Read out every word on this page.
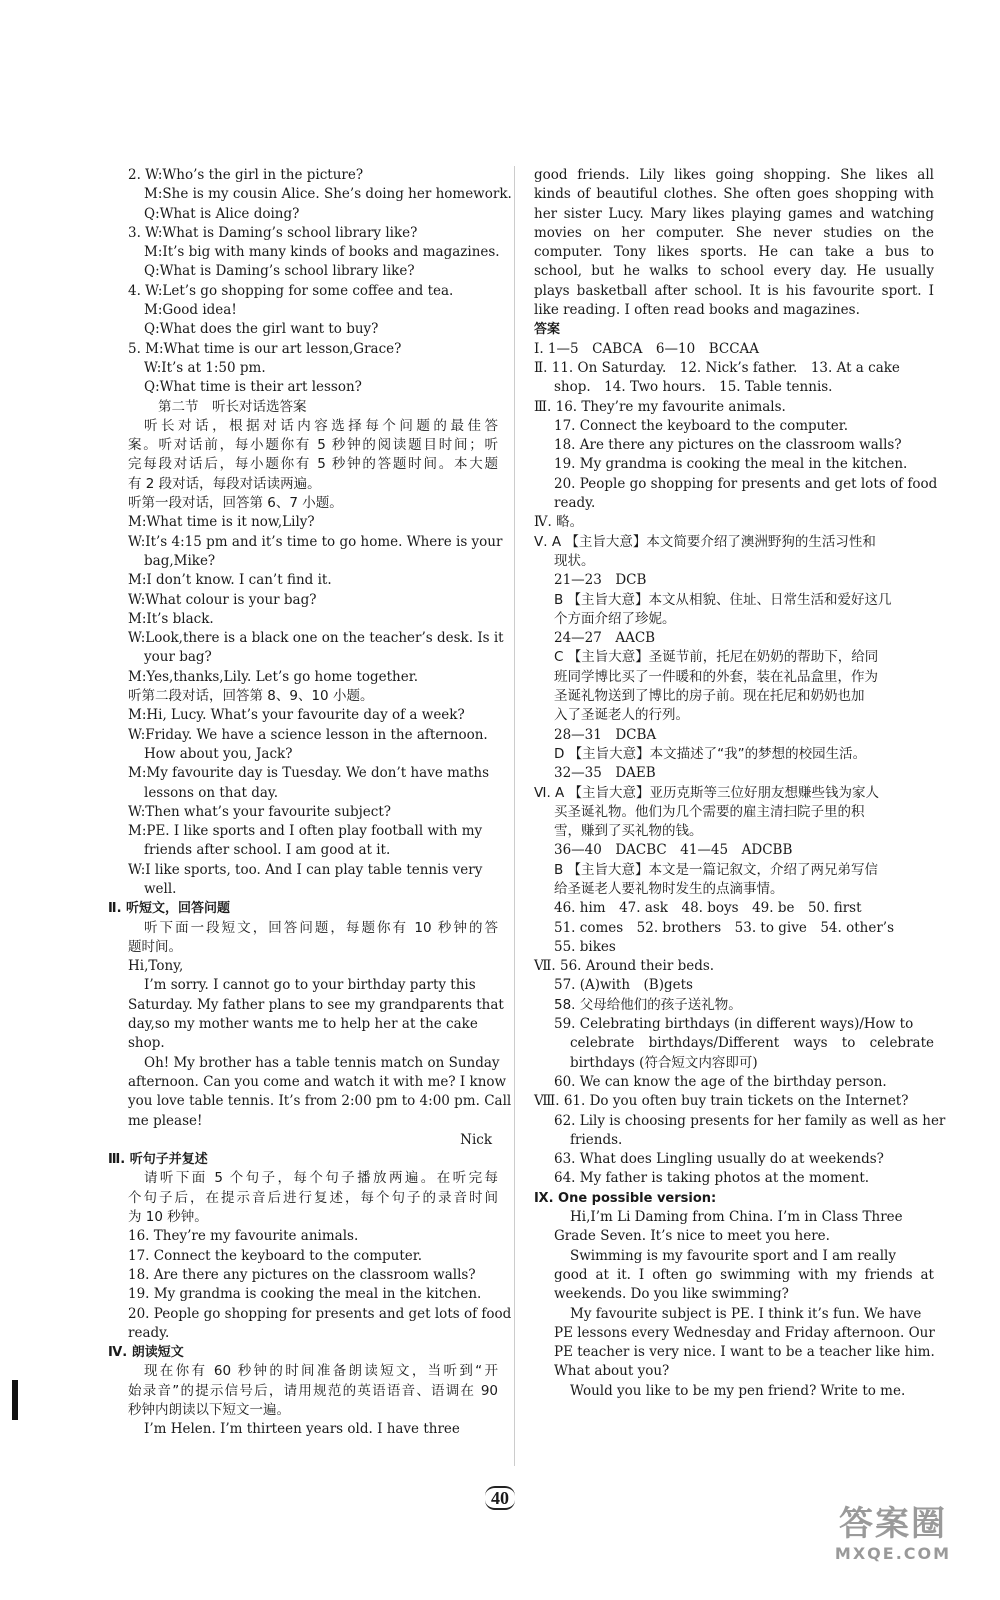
2. W:Who’s the girl in the picture?
M:She is my cousin Alice. She’s doing her homework.
Q:What is Alice doing?
3. W:What is Daming’s school library like?
M:It’s big with many kinds of books and magazines.
Q:What is Daming’s school library like?
4. W:Let’s go shopping for some coffee and tea.
M:Good idea!
Q:What does the girl want to buy?
5. M:What time is our art lesson,Grace?
W:It’s at 1:50 pm.
Q:What time is their art lesson?
第二节　听长对话选答案
听长对话，根据对话内容选择每个问题的最佳答
案。听对话前，每小题你有 5 秒钟的阅读题目时间；听
完每段对话后，每小题你有 5 秒钟的答题时间。本大题
有 2 段对话，每段对话读两遍。
听第一段对话，回答第 6、7 小题。
M:What time is it now,Lily?
W:It’s 4:15 pm and it’s time to go home. Where is your
bag,Mike?
M:I don’t know. I can’t find it.
W:What colour is your bag?
M:It’s black.
W:Look,there is a black one on the teacher’s desk. Is it
your bag?
M:Yes,thanks,Lily. Let’s go home together.
听第二段对话，回答第 8、9、10 小题。
M:Hi, Lucy. What’s your favourite day of a week?
W:Friday. We have a science lesson in the afternoon.
How about you, Jack?
M:My favourite day is Tuesday. We don’t have maths
lessons on that day.
W:Then what’s your favourite subject?
M:PE. I like sports and I often play football with my
friends after school. I am good at it.
W:I like sports, too. And I can play tablе tennis very
well.
Ⅱ. 听短文，回答问题
听下面一段短文，回答问题，每题你有 10 秒钟的答
题时间。
Hi,Tony,
I’m sorry. I cannot go to your birthday party this
Saturday. My father plans to see my grandparents that
day,so my mother wants me to help her at the cake
shop.
Oh! My brother has a table tennis match on Sunday
afternoon. Can you come and watch it with me? I know
you love table tennis. It’s from 2:00 pm to 4:00 pm. Call
me please!
Nick
Ⅲ. 听句子并复述
请听下面 5 个句子，每个句子播放两遍。在听完每
个句子后，在提示音后进行复述，每个句子的录音时间
为 10 秒钟。
16. They’re my favourite animals.
17. Connect the keyboard to the computer.
18. Are there any pictures on the classroom walls?
19. My grandma is cooking the meal in the kitchen.
20. People go shopping for presents and get lots of food
ready.
Ⅳ. 朗读短文
现在你有 60 秒钟的时间准备朗读短文，当听到“开
始录音”的提示信号后，请用规范的英语语音、语调在 90
秒钟内朗读以下短文一遍。
I’m Helen. I’m thirteen years old. I have three
good friends. Lily likes going shopping. She likes all
kinds of beautiful clothes. She often goes shopping with
her sister Lucy. Mary likes playing games and watching
movies on her computer. She never studies on the
computer. Tony likes sports. He can take a bus to
school, but he walks to school every day. He usually
plays basketball after school. It is his favourite sport. I
like reading. I often read books and magazines.
答案
Ⅰ. 1—5　CABCA　6—10　BCCAA
Ⅱ. 11. On Saturday.　12. Nick’s father.　13. At a cake
shop.　14. Two hours.　15. Table tennis.
Ⅲ. 16. They’re my favourite animals.
17. Connect the keyboard to the computer.
18. Are there any pictures on the classroom walls?
19. My grandma is cooking the meal in the kitchen.
20. People go shopping for presents and get lots of food
ready.
Ⅳ. 略。
Ⅴ. A 【主旨大意】本文简要介绍了澳洲野狗的生活习性和
现状。
21—23　DCB
B 【主旨大意】本文从相貌、住址、日常生活和爱好这几
个方面介绍了珍妮。
24—27　AACB
C 【主旨大意】圣诞节前，托尼在奶奶的帮助下，给同
班同学博比买了一件暖和的外套，装在礼品盒里，作为
圣诞礼物送到了博比的房子前。现在托尼和奶奶也加
入了圣诞老人的行列。
28—31　DCBA
D 【主旨大意】本文描述了“我”的梦想的校园生活。
32—35　DAEB
Ⅵ. A 【主旨大意】亚历克斯等三位好朋友想赚些钱为家人
买圣诞礼物。他们为几个需要的雇主清扫院子里的积
雪，赚到了买礼物的钱。
36—40　DACBC　41—45　ADCBB
B 【主旨大意】本文是一篇记叙文，介绍了两兄弟写信
给圣诞老人要礼物时发生的点滴事情。
46. him　47. ask　48. boys　49. be　50. first
51. comes　52. brothers　53. to give　54. other’s
55. bikes
Ⅶ. 56. Around their beds.
57. (A)with　(B)gets
58. 父母给他们的孩子送礼物。
59. Celebrating birthdays (in different ways)/How to
celebrate birthdays/Different ways to celebrate
birthdays (符合短文内容即可)
60. We can know the age of the birthday person.
Ⅷ. 61. Do you often buy train tickets on the Internet?
62. Lily is choosing presents for her family as well as her
friends.
63. What does Lingling usually do at weekends?
64. My father is taking photos at the moment.
Ⅸ. One possible version:
Hi,I’m Li Daming from China. I’m in Class Three
Grade Seven. It’s nice to meet you here.
Swimming is my favourite sport and I am really
good at it. I often go swimming with my friends at
weekends. Do you like swimming?
My favourite subject is PE. I think it’s fun. We have
PE lessons every Wednesday and Friday afternoon. Our
PE teacher is very nice. I want to be a teacher like him.
What about you?
Would you like to be my pen friend? Write to me.
40
答案圈
MXQE.COM
